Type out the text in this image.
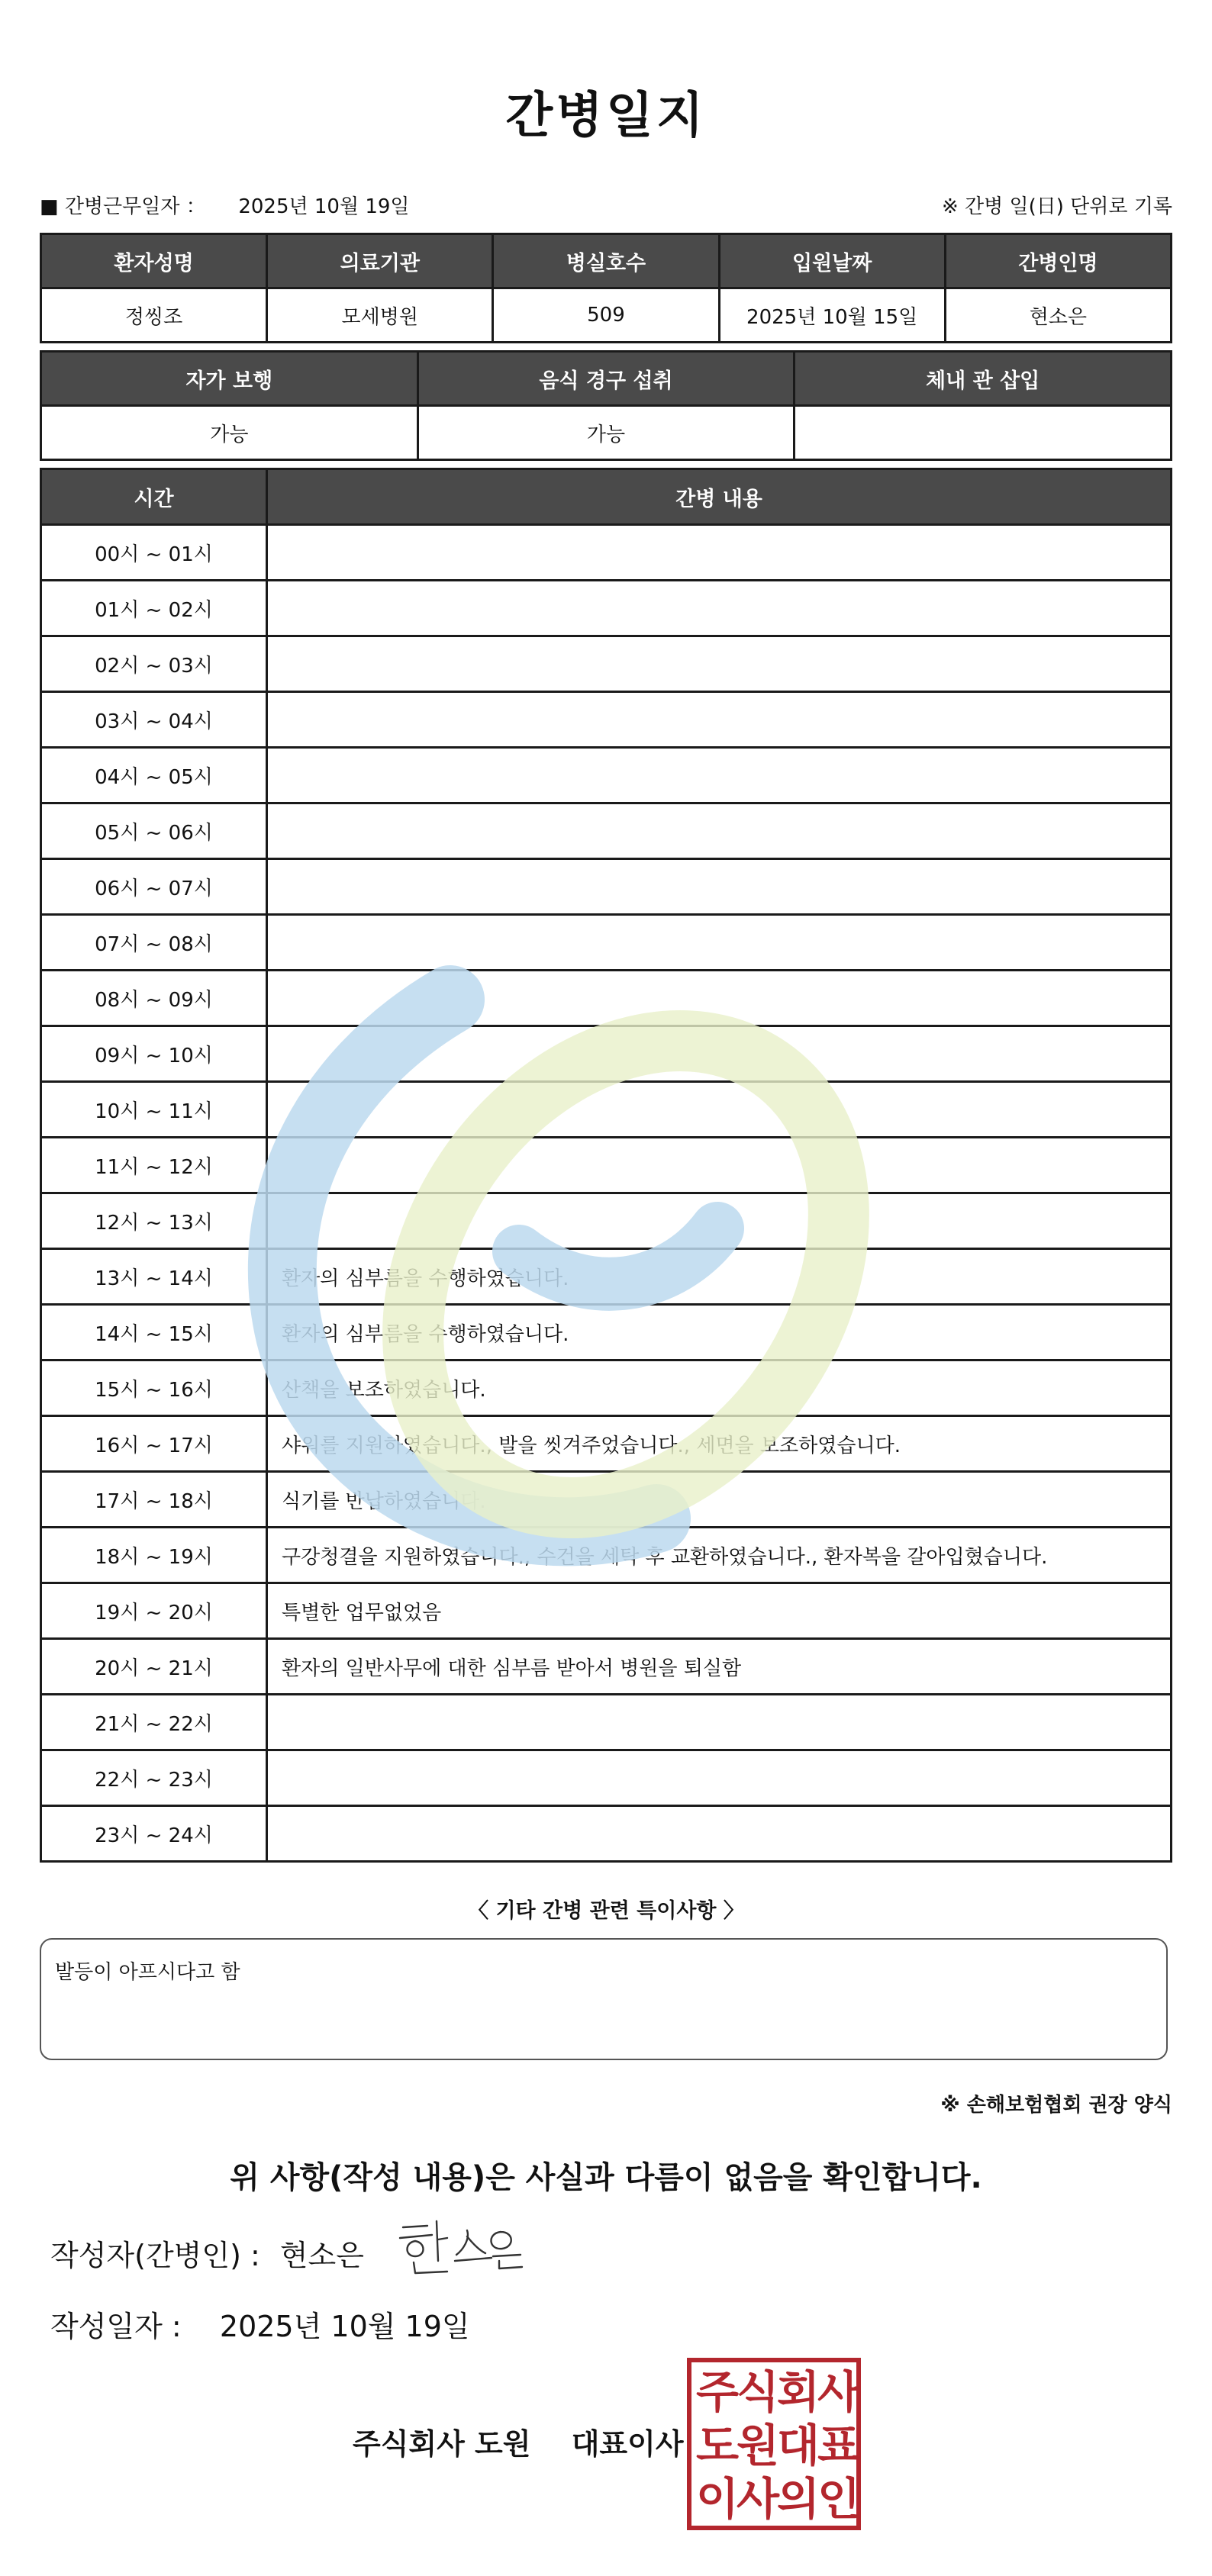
간병일지
■ 간병근무일자 ： 2025년 10월 19일	※ 간병 일(日) 단위로 기록
환자성명	의료기관	병실호수	입원날짜	간병인명
정씽조	모세병원	509	2025년 10월 15일	현소은
자가 보행	음식 경구 섭취	체내 관 삽입
가능	가능	
시간	간병 내용
00시 ~ 01시	
01시 ~ 02시	
02시 ~ 03시	
03시 ~ 04시	
04시 ~ 05시	
05시 ~ 06시	
06시 ~ 07시	
07시 ~ 08시	
08시 ~ 09시	
09시 ~ 10시	
10시 ~ 11시	
11시 ~ 12시	
12시 ~ 13시	
13시 ~ 14시	환자의 심부름을 수행하였습니다.
14시 ~ 15시	환자의 심부름을 수행하였습니다.
15시 ~ 16시	산책을 보조하였습니다.
16시 ~ 17시	샤워를 지원하였습니다., 발을 씻겨주었습니다., 세면을 보조하였습니다.
17시 ~ 18시	식기를 반납하였습니다.
18시 ~ 19시	구강청결을 지원하였습니다., 수건을 세탁 후 교환하였습니다., 환자복을 갈아입혔습니다.
19시 ~ 20시	특별한 업무없었음
20시 ~ 21시	환자의 일반사무에 대한 심부름 받아서 병원을 퇴실함
21시 ~ 22시	
22시 ~ 23시	
23시 ~ 24시	
〈 기타 간병 관련 특이사항 〉
발등이 아프시다고 함
※ 손해보험협회 권장 양식
위 사항(작성 내용)은 사실과 다름이 없음을 확인합니다.
작성자(간병인) : 현소은
작성일자 : 2025년 10월 19일
주식회사 도원 대표이사
주식회사
도원대표
이사의인
